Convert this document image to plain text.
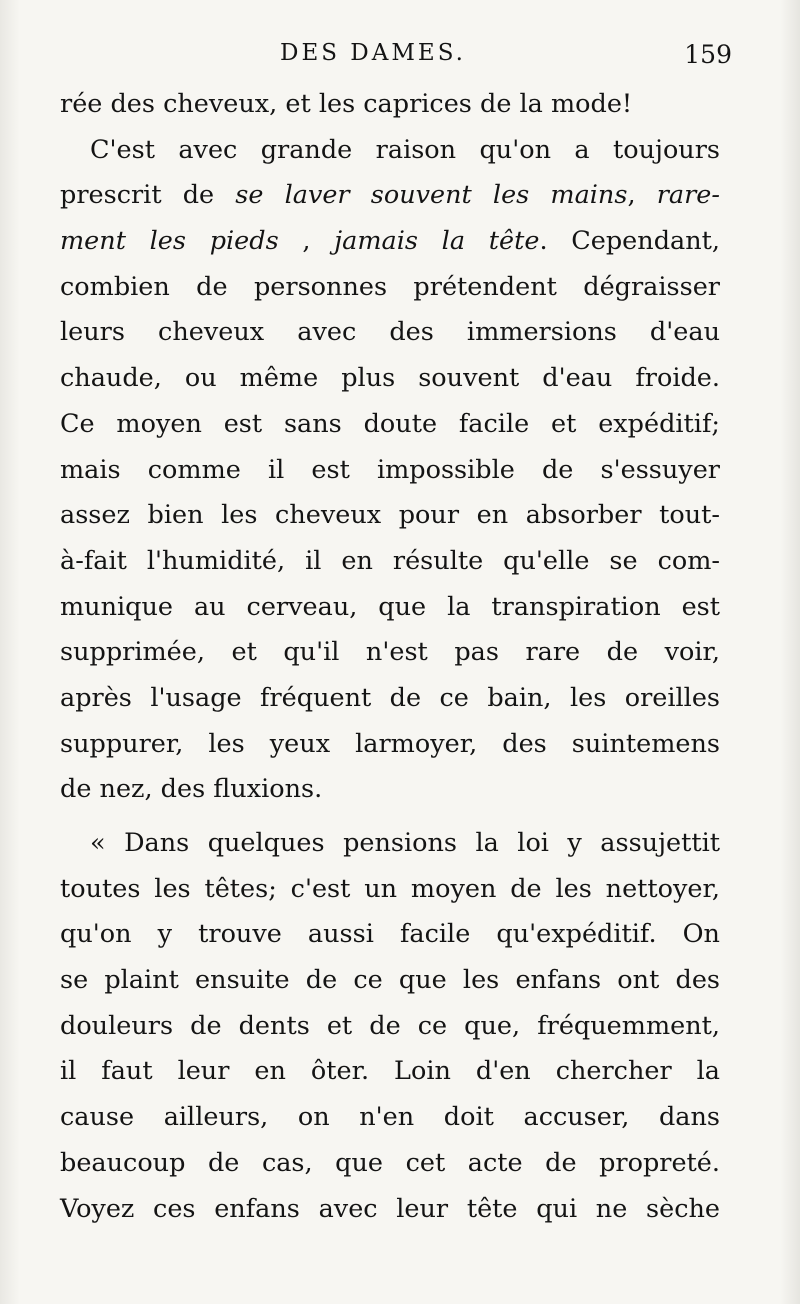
DES DAMES.	159
rée des cheveux, et les caprices de la mode!
C'est avec grande raison qu'on a toujours
prescrit de se laver souvent les mains, rare-
ment les pieds , jamais la tête. Cependant,
combien de personnes prétendent dégraisser
leurs cheveux avec des immersions d'eau
chaude, ou même plus souvent d'eau froide.
Ce moyen est sans doute facile et expéditif;
mais comme il est impossible de s'essuyer
assez bien les cheveux pour en absorber tout-
à-fait l'humidité, il en résulte qu'elle se com-
munique au cerveau, que la transpiration est
supprimée, et qu'il n'est pas rare de voir,
après l'usage fréquent de ce bain, les oreilles
suppurer, les yeux larmoyer, des suintemens
de nez, des fluxions.
« Dans quelques pensions la loi y assujettit
toutes les têtes; c'est un moyen de les nettoyer,
qu'on y trouve aussi facile qu'expéditif. On
se plaint ensuite de ce que les enfans ont des
douleurs de dents et de ce que, fréquemment,
il faut leur en ôter. Loin d'en chercher la
cause ailleurs, on n'en doit accuser, dans
beaucoup de cas, que cet acte de propreté.
Voyez ces enfans avec leur tête qui ne sèche
